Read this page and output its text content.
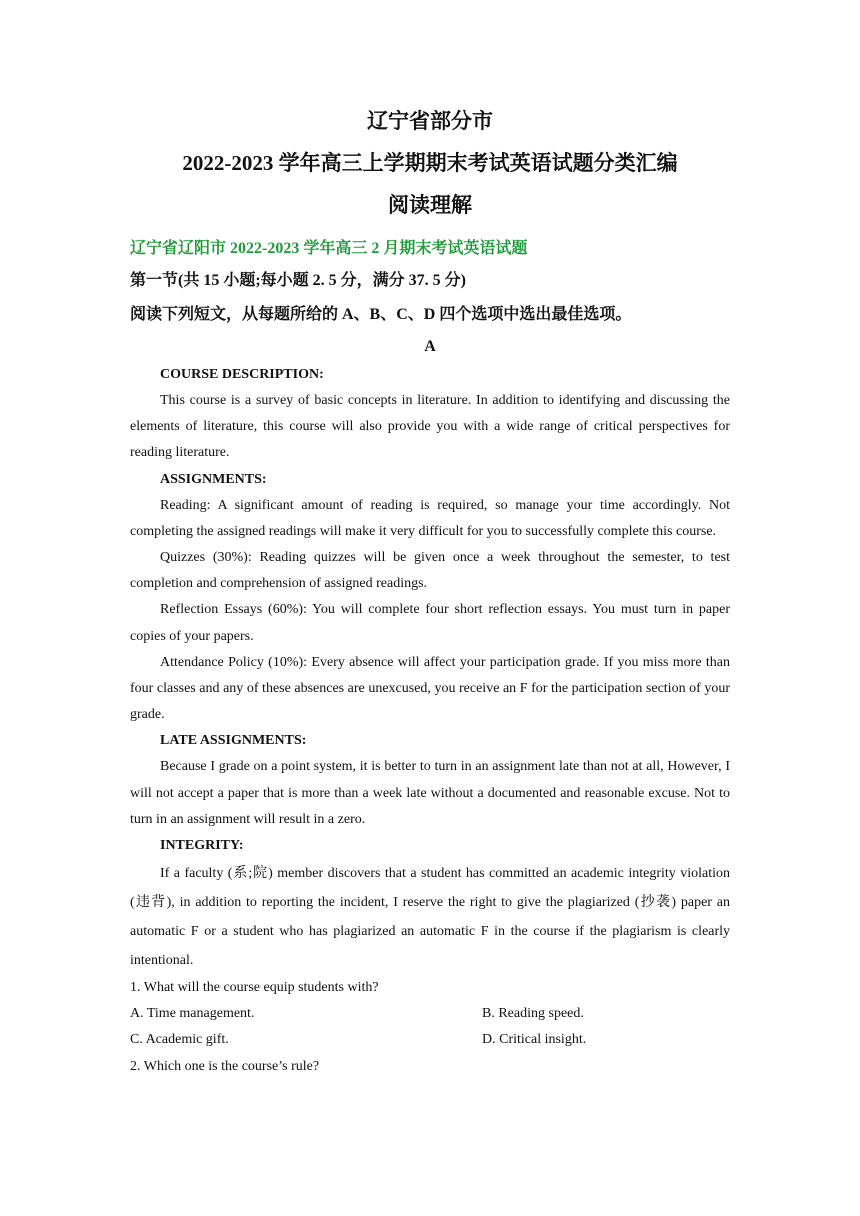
辽宁省部分市
2022-2023 学年高三上学期期末考试英语试题分类汇编
阅读理解
辽宁省辽阳市 2022-2023 学年高三 2 月期末考试英语试题
第一节(共 15 小题;每小题 2. 5 分，满分 37. 5 分)
阅读下列短文，从每题所给的 A、B、C、D 四个选项中选出最佳选项。
A
COURSE DESCRIPTION:
This course is a survey of basic concepts in literature. In addition to identifying and discussing the elements of literature, this course will also provide you with a wide range of critical perspectives for reading literature.
ASSIGNMENTS:
Reading: A significant amount of reading is required, so manage your time accordingly. Not completing the assigned readings will make it very difficult for you to successfully complete this course.
Quizzes (30%): Reading quizzes will be given once a week throughout the semester, to test completion and comprehension of assigned readings.
Reflection Essays (60%): You will complete four short reflection essays. You must turn in paper copies of your papers.
Attendance Policy (10%): Every absence will affect your participation grade. If you miss more than four classes and any of these absences are unexcused, you receive an F for the participation section of your grade.
LATE ASSIGNMENTS:
Because I grade on a point system, it is better to turn in an assignment late than not at all, However, I will not accept a paper that is more than a week late without a documented and reasonable excuse. Not to turn in an assignment will result in a zero.
INTEGRITY:
If a faculty (系;院) member discovers that a student has committed an academic integrity violation (违背), in addition to reporting the incident, I reserve the right to give the plagiarized (抄袭) paper an automatic F or a student who has plagiarized an automatic F in the course if the plagiarism is clearly intentional.
1. What will the course equip students with?
A. Time management.	B. Reading speed.
C. Academic gift.	D. Critical insight.
2. Which one is the course’s rule?
